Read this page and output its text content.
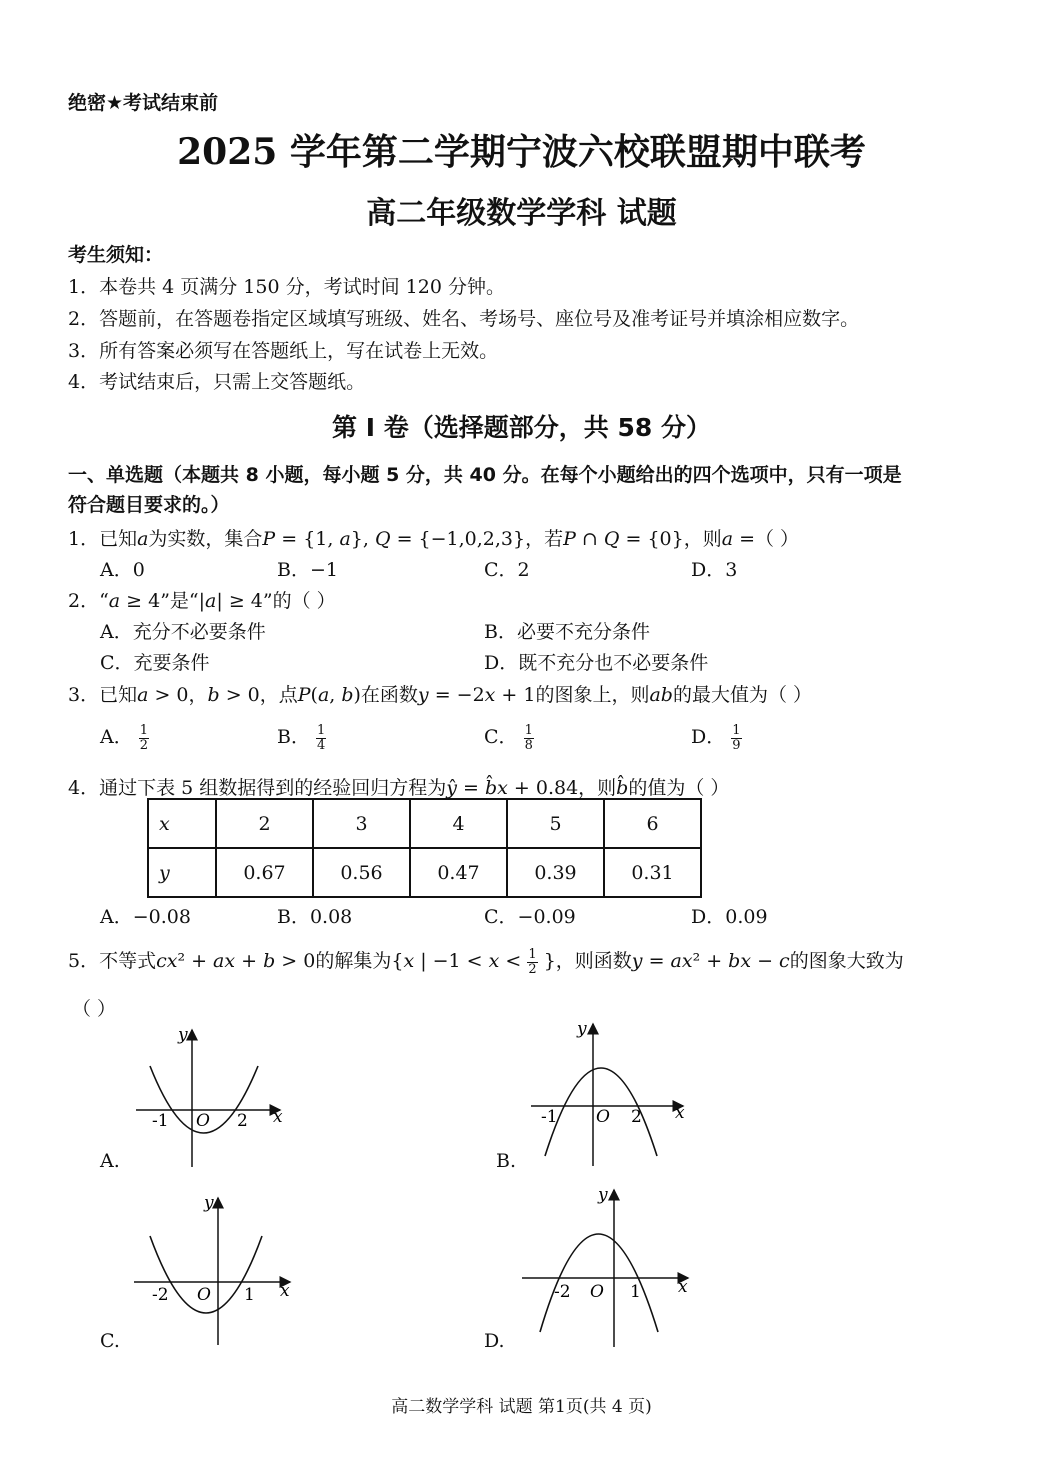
绝密★考试结束前
2025 学年第二学期宁波六校联盟期中联考
高二年级数学学科 试题
考生须知：
1．本卷共 4 页满分 150 分，考试时间 120 分钟。
2．答题前，在答题卷指定区域填写班级、姓名、考场号、座位号及准考证号并填涂相应数字。
3．所有答案必须写在答题纸上，写在试卷上无效。
4．考试结束后，只需上交答题纸。
第 I 卷（选择题部分，共 58 分）
一、单选题（本题共 8 小题，每小题 5 分，共 40 分。在每个小题给出的四个选项中，只有一项是
符合题目要求的。）
1．已知𝑎为实数，集合𝑃 = {1, 𝑎}, 𝑄 = {−1,0,2,3}，若𝑃 ∩ 𝑄 = {0}，则𝑎 =（ ）
A．0	B．−1	C．2	D．3
2．“𝑎 ≥ 4”是“|𝑎| ≥ 4”的（ ）
A．充分不必要条件	B．必要不充分条件
C．充要条件	D．既不充分也不必要条件
3．已知𝑎 > 0，𝑏 > 0，点𝑃(𝑎, 𝑏)在函数𝑦 = −2𝑥 + 1的图象上，则𝑎𝑏的最大值为（ ）
A． $\frac{1}{2}$	B． $\frac{1}{4}$	C． $\frac{1}{8}$	D． $\frac{1}{9}$
4．通过下表 5 组数据得到的经验回归方程为𝑦̂ = 𝑏̂𝑥 + 0.84，则𝑏̂的值为（ ）
𝑥	2	3	4	5	6
𝑦	0.67	0.56	0.47	0.39	0.31
A．−0.08	B．0.08	C．−0.09	D．0.09
5．不等式𝑐𝑥² + 𝑎𝑥 + 𝑏 > 0的解集为{𝑥 | −1 < 𝑥 < $\frac{1}{2}$ }，则函数𝑦 = 𝑎𝑥² + 𝑏𝑥 − 𝑐的图象大致为
（ ）
-1 O 2 x
y
A.
-1 O 2 x
y
B.
-2 O 1 x
y
C.
-2 O 1 x
y
D.
高二数学学科 试题 第1页(共 4 页)
